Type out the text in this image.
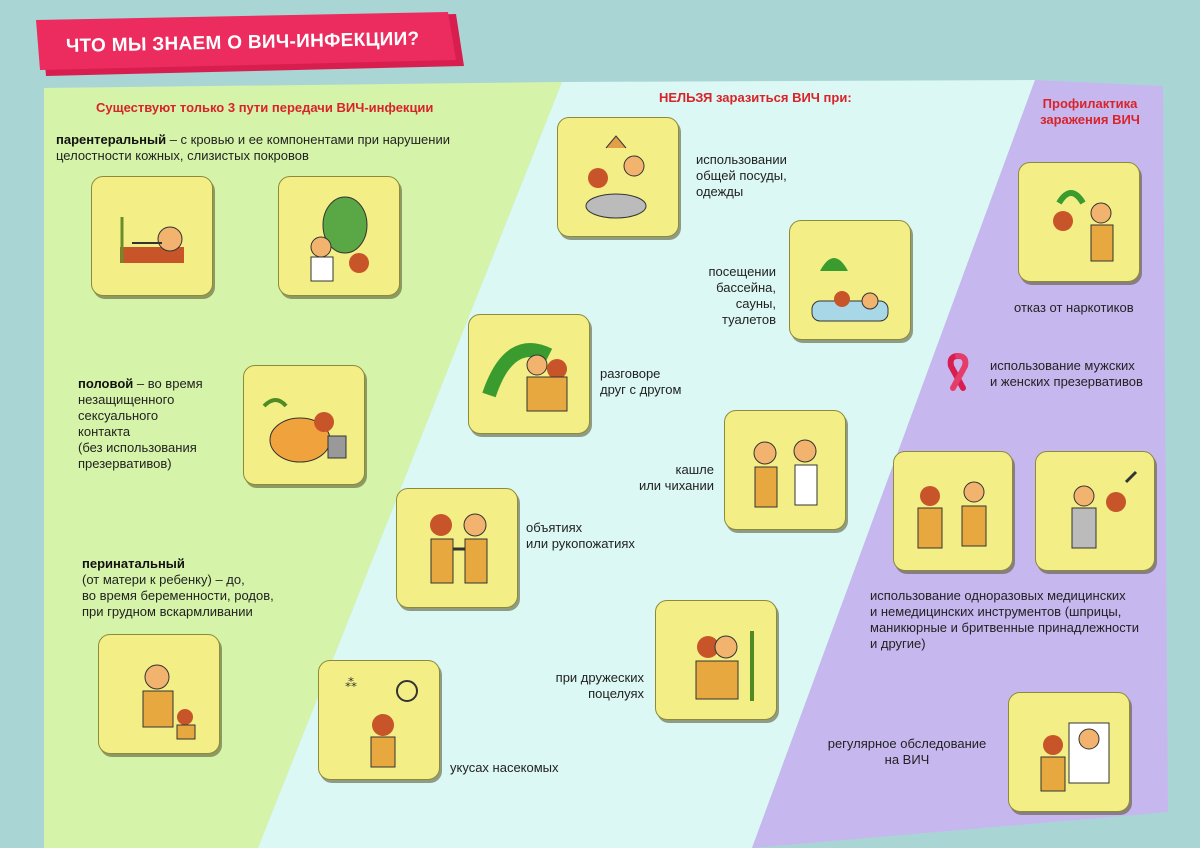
ЧТО МЫ ЗНАЕМ О ВИЧ-ИНФЕКЦИИ?
Существуют только 3 пути передачи ВИЧ-инфекции
парентеральный – с кровью и ее компонентами при нарушении
целостности кожных, слизистых покровов
половой – во время
незащищенного
сексуального
контакта
(без использования
презервативов)
перинатальный
(от матери к ребенку) – до,
во время беременности, родов,
при грудном вскармливании
НЕЛЬЗЯ заразиться ВИЧ при:
использовании
общей посуды,
одежды
посещении
бассейна,
сауны,
туалетов
разговоре
друг с другом
кашле
или чихании
объятиях
или рукопожатиях
при дружеских
поцелуях
⁂
укусах насекомых
Профилактика
заражения ВИЧ
отказ от наркотиков
использование мужских
и женских презервативов
использование одноразовых медицинских
и немедицинских инструментов (шприцы,
маникюрные и бритвенные принадлежности
и другие)
регулярное обследование
на ВИЧ
